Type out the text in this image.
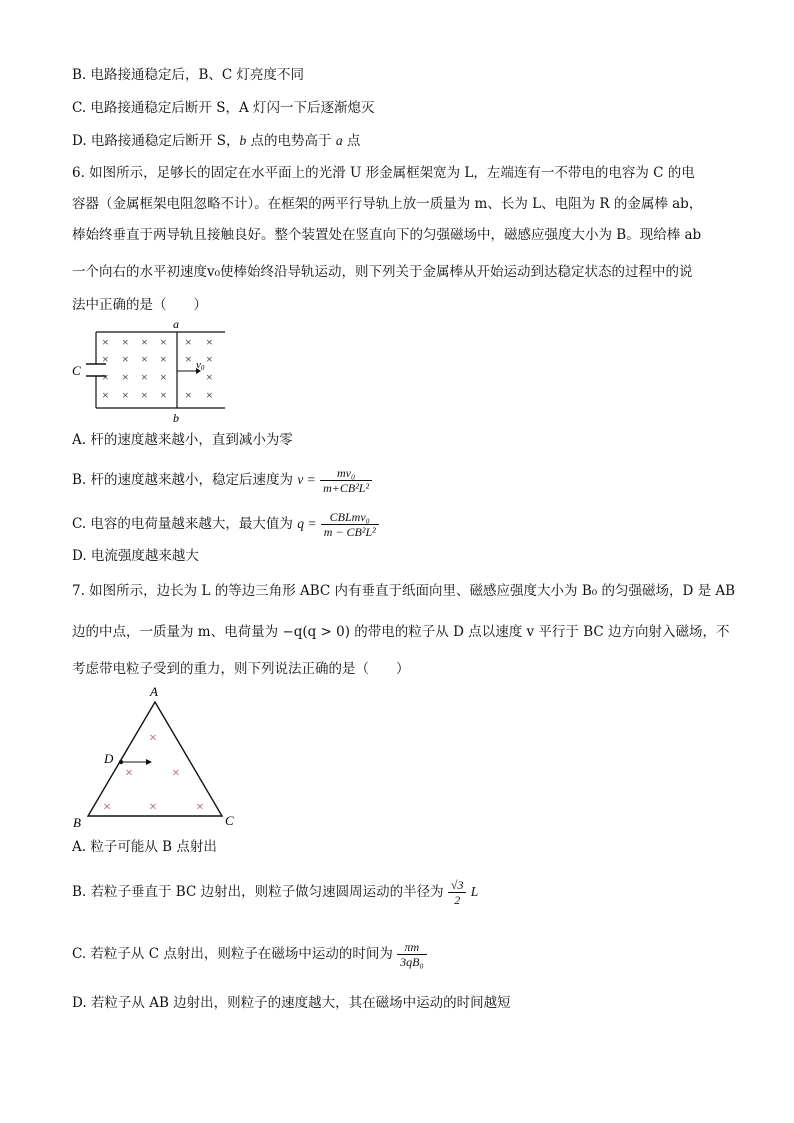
B. 电路接通稳定后，B、C 灯亮度不同
C. 电路接通稳定后断开 S，A 灯闪一下后逐渐熄灭
D. 电路接通稳定后断开 S，b 点的电势高于 a 点
6. 如图所示，足够长的固定在水平面上的光滑 U 形金属框架宽为 L，左端连有一不带电的电容为 C 的电
容器（金属框架电阻忽略不计）。在框架的两平行导轨上放一质量为 m、长为 L、电阻为 R 的金属棒 ab，
棒始终垂直于两导轨且接触良好。整个装置处在竖直向下的匀强磁场中，磁感应强度大小为 B。现给棒 ab
一个向右的水平初速度v₀使棒始终沿导轨运动，则下列关于金属棒从开始运动到达稳定状态的过程中的说
法中正确的是（　　）
v0
a
b
C
× × × × × ×
× × × × × ×
× × × ×	×
× × × × × ×
A. 杆的速度越来越小，直到减小为零
B. 杆的速度越来越小，稳定后速度为 $v = \frac{\text{mv₀}}{\text{m+CB²L²}}$
C. 电容的电荷量越来越大，最大值为 $q = \frac{\text{CBLmv₀}}{\text{m − CB²L²}}$
D. 电流强度越来越大
7. 如图所示，边长为 L 的等边三角形 ABC 内有垂直于纸面向里、磁感应强度大小为 B₀ 的匀强磁场，D 是 AB
边的中点，一质量为 m、电荷量为 −q(q > 0) 的带电的粒子从 D 点以速度 v 平行于 BC 边方向射入磁场，不
考虑带电粒子受到的重力，则下列说法正确的是（　　）
A
B	C
D
×
×	×
×	×	×
A. 粒子可能从 B 点射出
B. 若粒子垂直于 BC 边射出，则粒子做匀速圆周运动的半径为 $\frac{√3}{2}$ L
C. 若粒子从 C 点射出，则粒子在磁场中运动的时间为 $\frac{\pi m}{\text{3qB₀}}$
D. 若粒子从 AB 边射出，则粒子的速度越大，其在磁场中运动的时间越短
